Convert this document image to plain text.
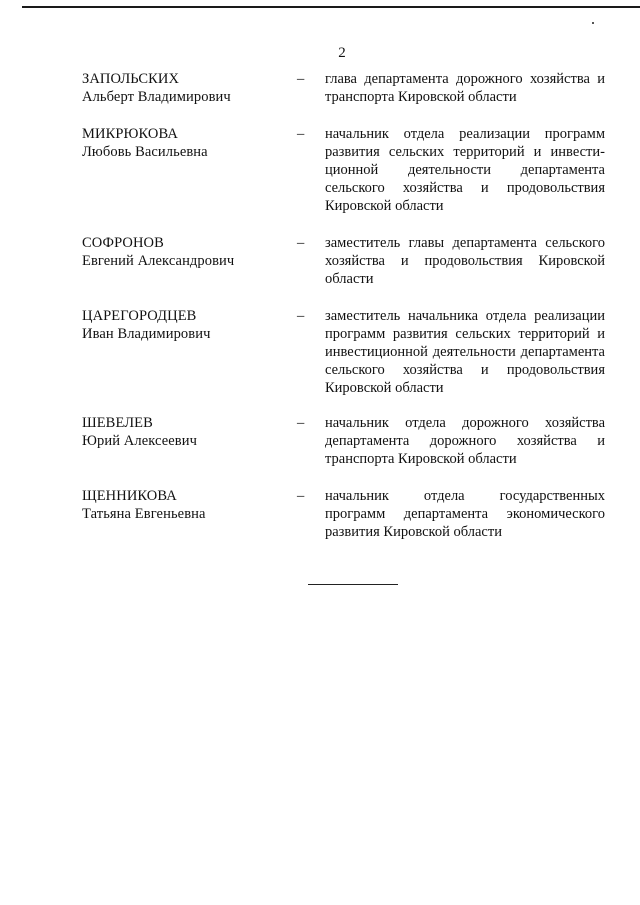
2
ЗАПОЛЬСКИХ
Альберт Владимирович
– глава департамента дорожного хозяйства и транспорта Кировской области
МИКРЮКОВА
Любовь Васильевна
– начальник отдела реализации программ развития сельских территорий и инвестиционной деятельности департамента сельского хозяйства и продовольствия Кировской области
СОФРОНОВ
Евгений Александрович
– заместитель главы департамента сельского хозяйства и продовольствия Кировской области
ЦАРЕГОРОДЦЕВ
Иван Владимирович
– заместитель начальника отдела реализации программ развития сельских территорий и инвестиционной деятельности департамента сельского хозяйства и продовольствия Кировской области
ШЕВЕЛЕВ
Юрий Алексеевич
– начальник отдела дорожного хозяйства департамента дорожного хозяйства и транспорта Кировской области
ЩЕННИКОВА
Татьяна Евгеньевна
– начальник отдела государственных программ департамента экономического развития Кировской области
